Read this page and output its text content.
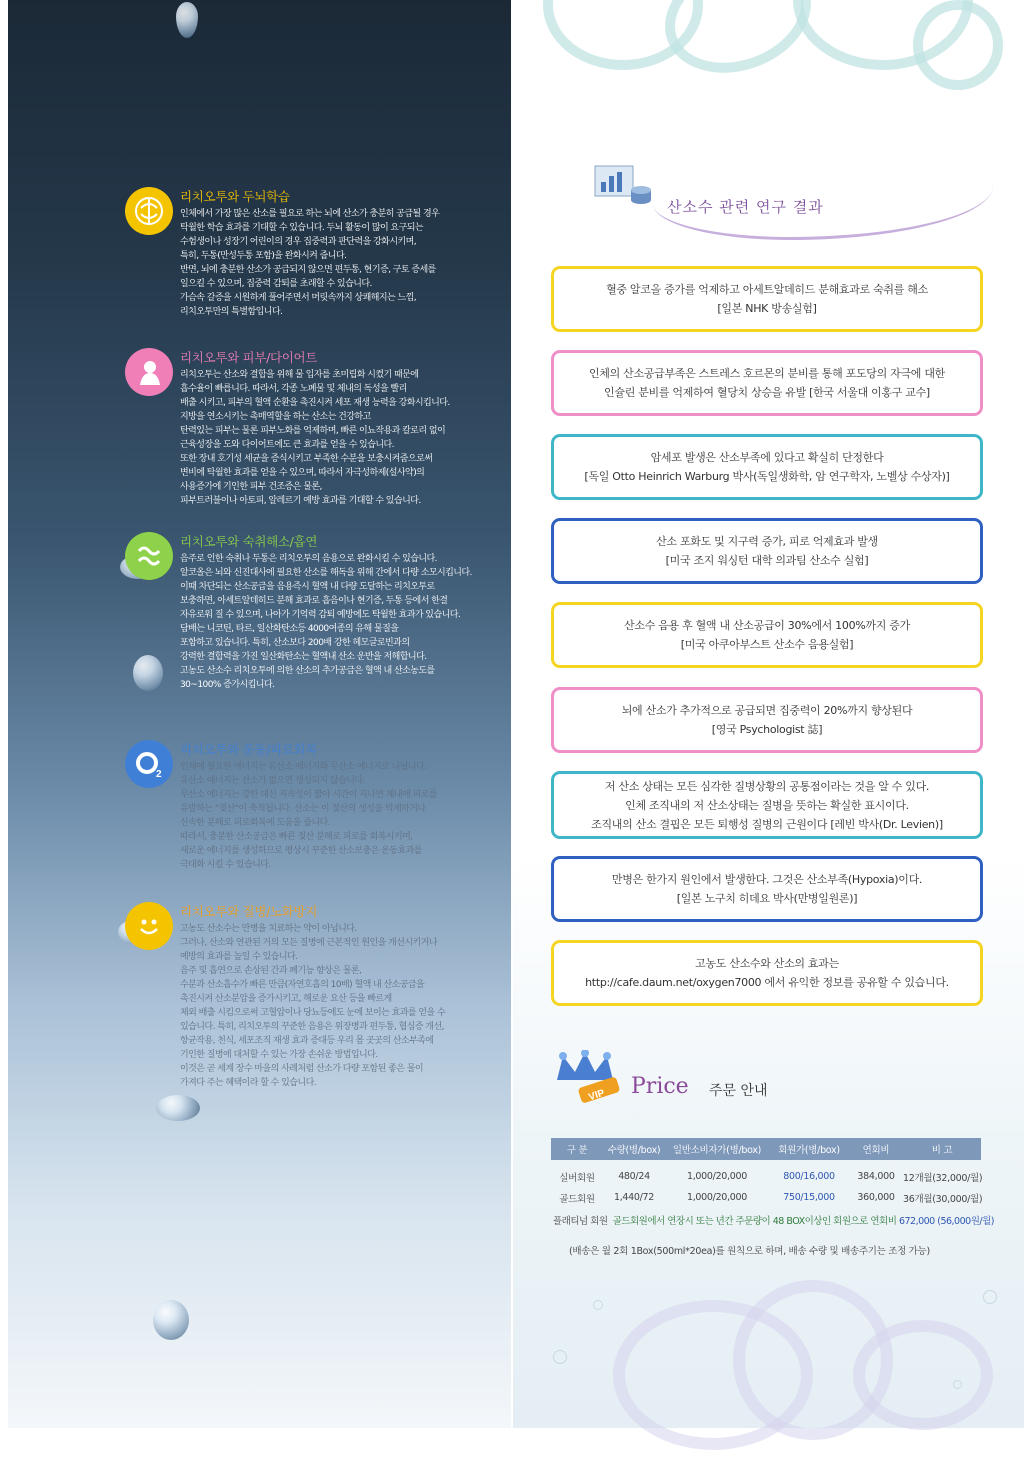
리치오투와 두뇌학습

인체에서 가장 많은 산소를 필요로 하는 뇌에 산소가 충분히 공급될 경우

탁월한 학습 효과를 기대할 수 있습니다. 두뇌 활동이 많이 요구되는

수험생이나 성장기 어린이의 경우 집중력과 판단력을 강화시키며,

특히, 두통(만성두통 포함)을 완화시켜 줍니다.

반면, 뇌에 충분한 산소가 공급되지 않으면 편두통, 현기증, 구토 증세를

일으킬 수 있으며, 집중력 감퇴를 초래할 수 있습니다.

가슴속 갈증을 시원하게 풀어주면서 머릿속까지 상쾌해지는 느낌,

리치오투만의 특별함입니다.

리치오투와 피부/다이어트

리치오투는 산소와 결합을 위해 물 입자를 초미립화 시켰기 때문에

흡수율이 빠릅니다. 따라서, 각종 노폐물 및 체내의 독성을 빨리

배출 시키고, 피부의 혈액 순환을 촉진시켜 세포 재생 능력을 강화시킵니다.

지방을 연소시키는 촉매역할을 하는 산소는 건강하고

탄력있는 피부는 물론 피부노화를 억제하며, 빠른 이뇨작용과 칼로리 없이

근육성장을 도와 다이어트에도 큰 효과를 얻을 수 있습니다.

또한 장내 호기성 세균을 증식시키고 부족한 수분을 보충시켜줌으로써

변비에 탁월한 효과를 얻을 수 있으며, 따라서 자극성하제(설사약)의

사용증가에 기인한 피부 건조증은 물론,

피부트러블이나 아토피, 알레르기 예방 효과를 기대할 수 있습니다.

리치오투와 숙취해소/흡연

음주로 인한 숙취나 두통은 리치오투의 음용으로 완화시킬 수 있습니다.

알코올은 뇌와 신진대사에 필요한 산소를 해독을 위해 간에서 다량 소모시킵니다.

이때 차단되는 산소공급을 음용즉시 혈액 내 다량 도달하는 리치오투로

보충하면, 아세트알데히드 분해 효과로 흡음이나 현기증, 두통 등에서 한결

자유로워 질 수 있으며, 나아가 기억력 감퇴 예방에도 탁월한 효과가 있습니다.

담배는 니코틴, 타르, 일산화탄소등 4000여종의 유해 물질을

포함하고 있습니다. 특히, 산소보다 200배 강한 헤모글로빈과의

강력한 결합력을 가진 일산화탄소는 혈액내 산소 운반을 저해합니다.

고농도 산소수 리치오투에 의한 산소의 추가공급은 혈액 내 산소농도를

30~100% 증가시킵니다.

2
리치오투와 운동/피로회복

인체에 필요한 에너지는 유산소 에너지와 무산소 에너지로 나뉩니다.

유산소 에너지는 산소가 없으면 생성되지 않습니다.

무산소 에너지는 강한 대신 지속성이 짧아 시간이 지나면 체내에 피로를

유발하는 "젖산"이 축적됩니다. 산소는 이 젖산의 생성을 억제하거나

신속한 분해로 피로회복에 도움을 줍니다.

따라서, 충분한 산소공급은 빠른 젖산 분해로 피로를 회복시키며,

새로운 에너지를 생성하므로 평상시 꾸준한 산소보충은 운동효과를

극대화 시킬 수 있습니다.

리치오투와 질병/노화방지

고농도 산소수는 만병을 치료하는 약이 아닙니다.

그러나, 산소와 연관된 거의 모든 질병에 근본적인 원인을 개선시키거나

예방의 효과를 높일 수 있습니다.

음주 및 흡연으로 손상된 간과 폐기능 향상은 물론,

수분과 산소흡수가 빠른 만큼(자연호흡의 10배) 혈액 내 산소공급을

촉진시켜 산소분압을 증가시키고, 해로운 요산 등을 빠르게

체외 배출 시킴으로써 고혈압이나 당뇨등에도 눈에 보이는 효과를 얻을 수

있습니다. 특히, 리치오투의 꾸준한 음용은 위장병과 편두통, 협심증 개선,

항균작용, 천식, 세포조직 재생 효과 증대등 우리 몸 곳곳의 산소부족에

기인한 질병에 대처할 수 있는 가장 손쉬운 방법입니다.

이것은 곧 세계 장수 마을의 사례처럼 산소가 다량 포함된 좋은 물이

가져다 주는 혜택이라 할 수 있습니다.

산소수 관련 연구 결과
혈중 알코올 증가를 억제하고 아세트알데히드 분해효과로 숙취를 해소
[일본 NHK 방송실험]
인체의 산소공급부족은 스트레스 호르몬의 분비를 통해 포도당의 자극에 대한
인슐린 분비를 억제하여 혈당치 상승을 유발 [한국 서울대 이홍구 교수]
암세포 발생은 산소부족에 있다고 확실히 단정한다
[독일 Otto Heinrich Warburg 박사(독일생화학, 암 연구학자, 노벨상 수상자)]
산소 포화도 및 지구력 증가, 피로 억제효과 발생
[미국 조지 워싱턴 대학 의과팀 산소수 실험]
산소수 음용 후 혈액 내 산소공급이 30%에서 100%까지 증가
[미국 아쿠아부스트 산소수 음용실험]
뇌에 산소가 추가적으로 공급되면 집중력이 20%까지 향상된다
[영국 Psychologist 誌]
저 산소 상태는 모든 심각한 질병상황의 공통점이라는 것을 알 수 있다.
인체 조직내의 저 산소상태는 질병을 뜻하는 확실한 표시이다.
조직내의 산소 결핍은 모든 퇴행성 질병의 근원이다 [레빈 박사(Dr. Levien)]
만병은 한가지 원인에서 발생한다. 그것은 산소부족(Hypoxia)이다.
[일본 노구치 히데요 박사(만병일원론)]
고농도 산소수와 산소의 효과는
http://cafe.daum.net/oxygen7000 에서 유익한 정보를 공유할 수 있습니다.
VIP Price 주문 안내
구 분	수량(병/box)	일반소비자가(병/box)	회원가(병/box)	연회비	비 고
실버회원	480/24	1,000/20,000	800/16,000	384,000	12개월(32,000/월)
골드회원	1,440/72	1,000/20,000	750/15,000	360,000	36개월(30,000/월)
플래티넘 회원 골드회원에서 연장시 또는 년간 주문량이 48 BOX이상인 회원으로 연회비 672,000 (56,000원/월)
(배송은 월 2회 1Box(500ml*20ea)를 원칙으로 하며, 배송 수량 및 배송주기는 조정 가능)
